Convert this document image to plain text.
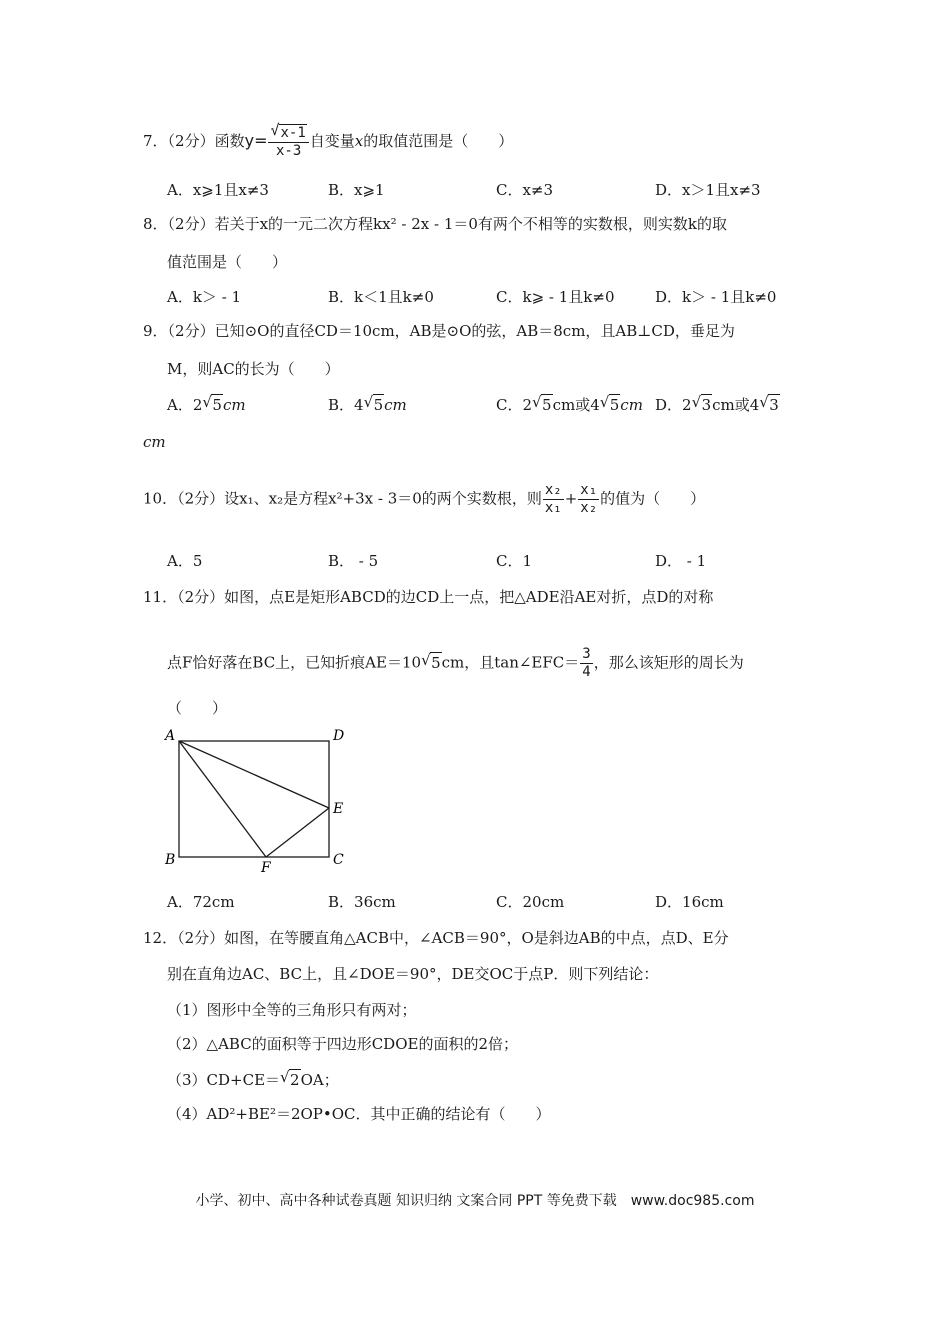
7．（2分）函数$y= \frac{√ x-1}{x-3}$ 自变量x的取值范围是（　　）
A．x⩾1且x≠3	B．x⩾1	C．x≠3	D．x＞1且x≠3
8．（2分）若关于x的一元二次方程kx² - 2x - 1＝0有两个不相等的实数根，则实数k的取
值范围是（　　）
A．k＞ - 1	B．k＜1且k≠0	C．k⩾ - 1且k≠0	D．k＞ - 1且k≠0
9．（2分）已知⊙O的直径CD＝10cm，AB是⊙O的弦，AB＝8cm，且AB⊥CD，垂足为
M，则AC的长为（　　）
A．2 √ 5cm	B．4 √ 5cm	C．2 √ 5cm或4 √ 5cm D．2 √ 3cm或4 √ 3
cm
10．（2分）设x₁、x₂是方程x²+3x - 3＝0的两个实数根，则 $\frac{\text{x₂}}{\text{x₁}} + \frac{\text{x₁}}{\text{x₂}}$ 的值为（　　）
A．5	B． - 5	C．1	D． - 1
11．（2分）如图，点E是矩形ABCD的边CD上一点，把△ADE沿AE对折，点D的对称
点F恰好落在BC上，已知折痕AE＝10 √ 5cm，且tan∠EFC＝ $\frac{3}{4}$ ，那么该矩形的周长为
（　　）
A	D
E
B	C
F
A．72cm	B．36cm	C．20cm	D．16cm
12．（2分）如图，在等腰直角△ACB中，∠ACB＝90°，O是斜边AB的中点，点D、E分
别在直角边AC、BC上，且∠DOE＝90°，DE交OC于点P．则下列结论：
（1）图形中全等的三角形只有两对；
（2）△ABC的面积等于四边形CDOE的面积的2倍；
（3）CD+CE＝ √ 2OA；
（4）AD²+BE²＝2OP•OC．其中正确的结论有（　　）
小学、初中、高中各种试卷真题 知识归纳 文案合同 PPT 等免费下载　www.doc985.com
